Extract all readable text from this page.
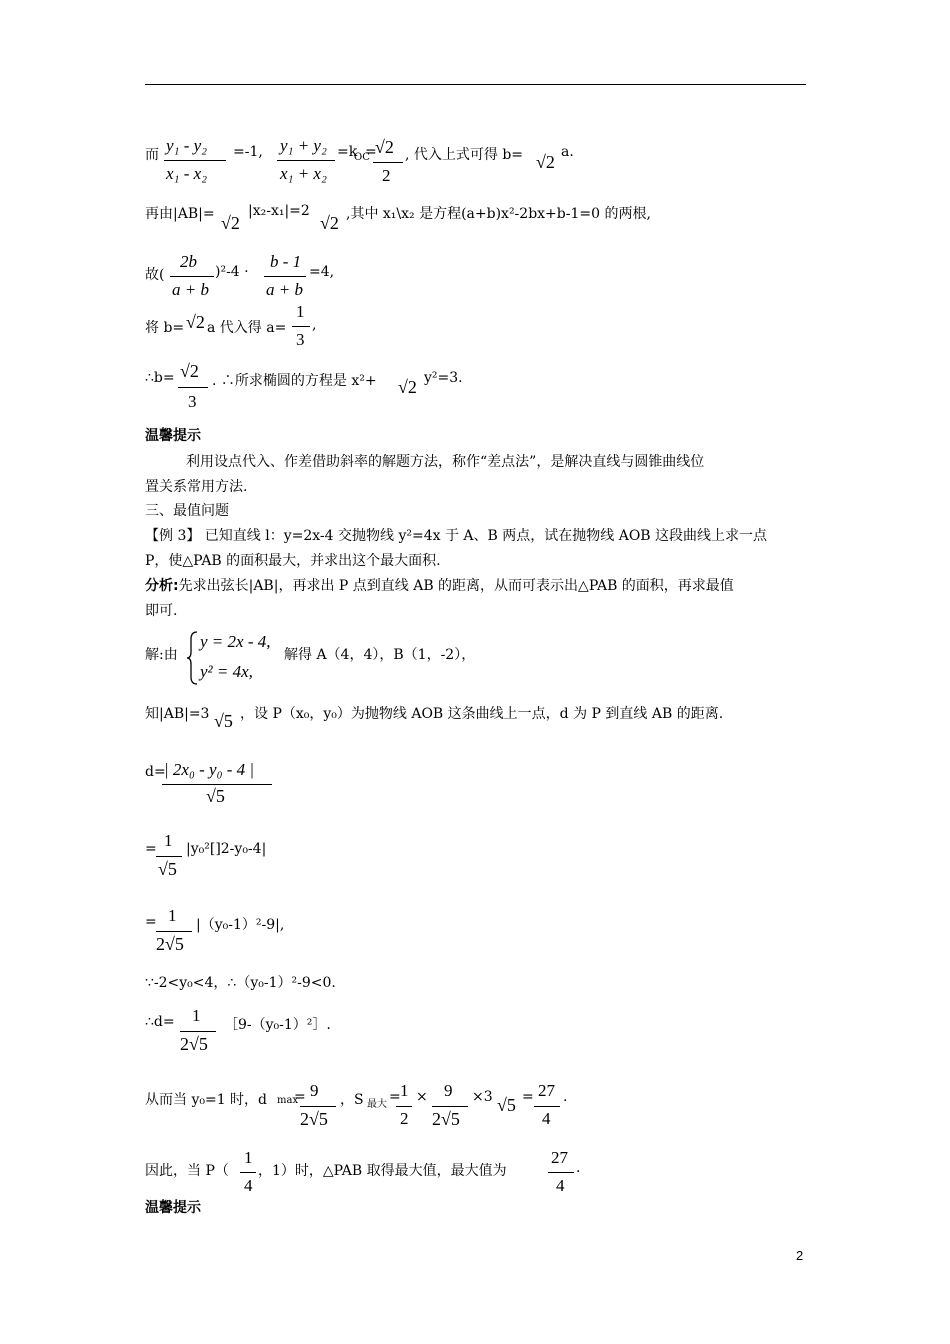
而 y₁ - y₂
x₁ - x₂
=-1, y₁ + y₂
x₁ + x₂
=k
OC
=
√2
2
, 代入上式可得 b= √2 a.
再由|AB|= √2
|x₂-x₁|=2
√2 ,其中 x₁\x₂ 是方程(a+b)x²-2bx+b-1=0 的两根,
故(
2b
a + b
)²-4 ·
b - 1
a + b
=4,
将 b= √2 a 代入得 a=
1
3
,
∴b= √2
3
. ∴所求椭圆的方程是 x²+ √2 y²=3.
温馨提示
利用设点代入、作差借助斜率的解题方法，称作“差点法”，是解决直线与圆锥曲线位
置关系常用方法.
三、最值问题
【例 3】 已知直线 l：y=2x-4 交抛物线 y²=4x 于 A、B 两点，试在抛物线 AOB 这段曲线上求一点
P，使△PAB 的面积最大，并求出这个最大面积.
分析:先求出弦长|AB|，再求出 P 点到直线 AB 的距离，从而可表示出△PAB 的面积，再求最值
即可.
解:由
y = 2x - 4,
y² = 4x,
解得 A（4，4），B（1，-2），
知|AB|=3 √5 ，设 P（x₀，y₀）为抛物线 AOB 这条曲线上一点，d 为 P 到直线 AB 的距离.
d=
| 2x₀ - y₀ - 4 |
√5
= 1
√5
|y₀²[]2-y₀-4|
= 1
2√5
|（y₀-1）²-9|,
∵-2<y₀<4，∴（y₀-1）²-9<0.
∴d= 1
2√5
［9-（y₀-1）²］.
从而当 y₀=1 时，d max
= 9
2√5
，S 最大 = 1
2
× 9
2√5
×3 √5 = 27
4
.
因此，当 P（
1
4
，1）时，△PAB 取得最大值，最大值为
27
4
.
温馨提示
2
